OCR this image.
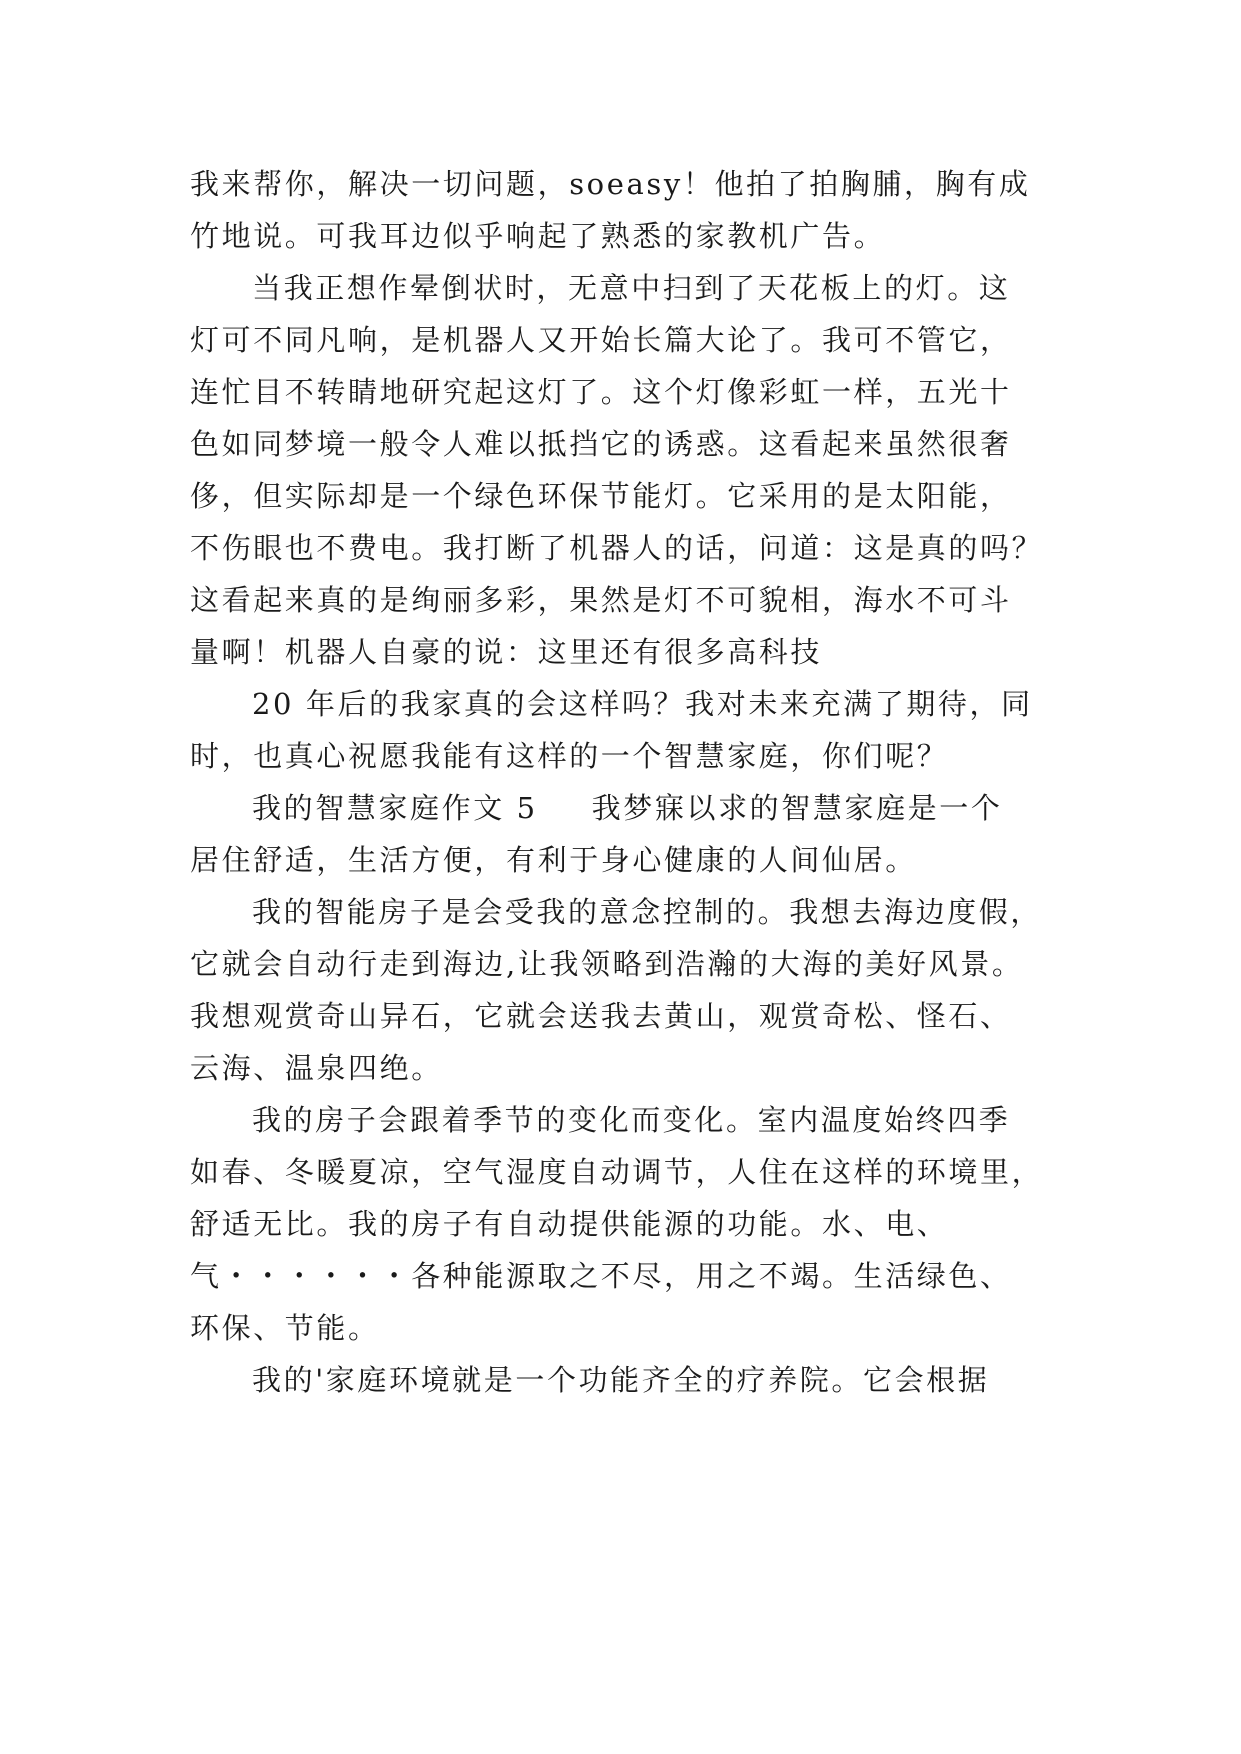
我来帮你，解决一切问题，soeasy！他拍了拍胸脯，胸有成
竹地说。可我耳边似乎响起了熟悉的家教机广告。
当我正想作晕倒状时，无意中扫到了天花板上的灯。这
灯可不同凡响，是机器人又开始长篇大论了。我可不管它，
连忙目不转睛地研究起这灯了。这个灯像彩虹一样，五光十
色如同梦境一般令人难以抵挡它的诱惑。这看起来虽然很奢
侈，但实际却是一个绿色环保节能灯。它采用的是太阳能，
不伤眼也不费电。我打断了机器人的话，问道：这是真的吗？
这看起来真的是绚丽多彩，果然是灯不可貌相，海水不可斗
量啊！机器人自豪的说：这里还有很多高科技
20 年后的我家真的会这样吗？我对未来充满了期待，同
时，也真心祝愿我能有这样的一个智慧家庭，你们呢？
我的智慧家庭作文 5 我梦寐以求的智慧家庭是一个
居住舒适，生活方便，有利于身心健康的人间仙居。
我的智能房子是会受我的意念控制的。我想去海边度假，
它就会自动行走到海边,让我领略到浩瀚的大海的美好风景。
我想观赏奇山异石，它就会送我去黄山，观赏奇松、怪石、
云海、温泉四绝。
我的房子会跟着季节的变化而变化。室内温度始终四季
如春、冬暖夏凉，空气湿度自动调节，人住在这样的环境里，
舒适无比。我的房子有自动提供能源的功能。水、电、
气・・・・・・各种能源取之不尽，用之不竭。生活绿色、
环保、节能。
我的'家庭环境就是一个功能齐全的疗养院。它会根据
